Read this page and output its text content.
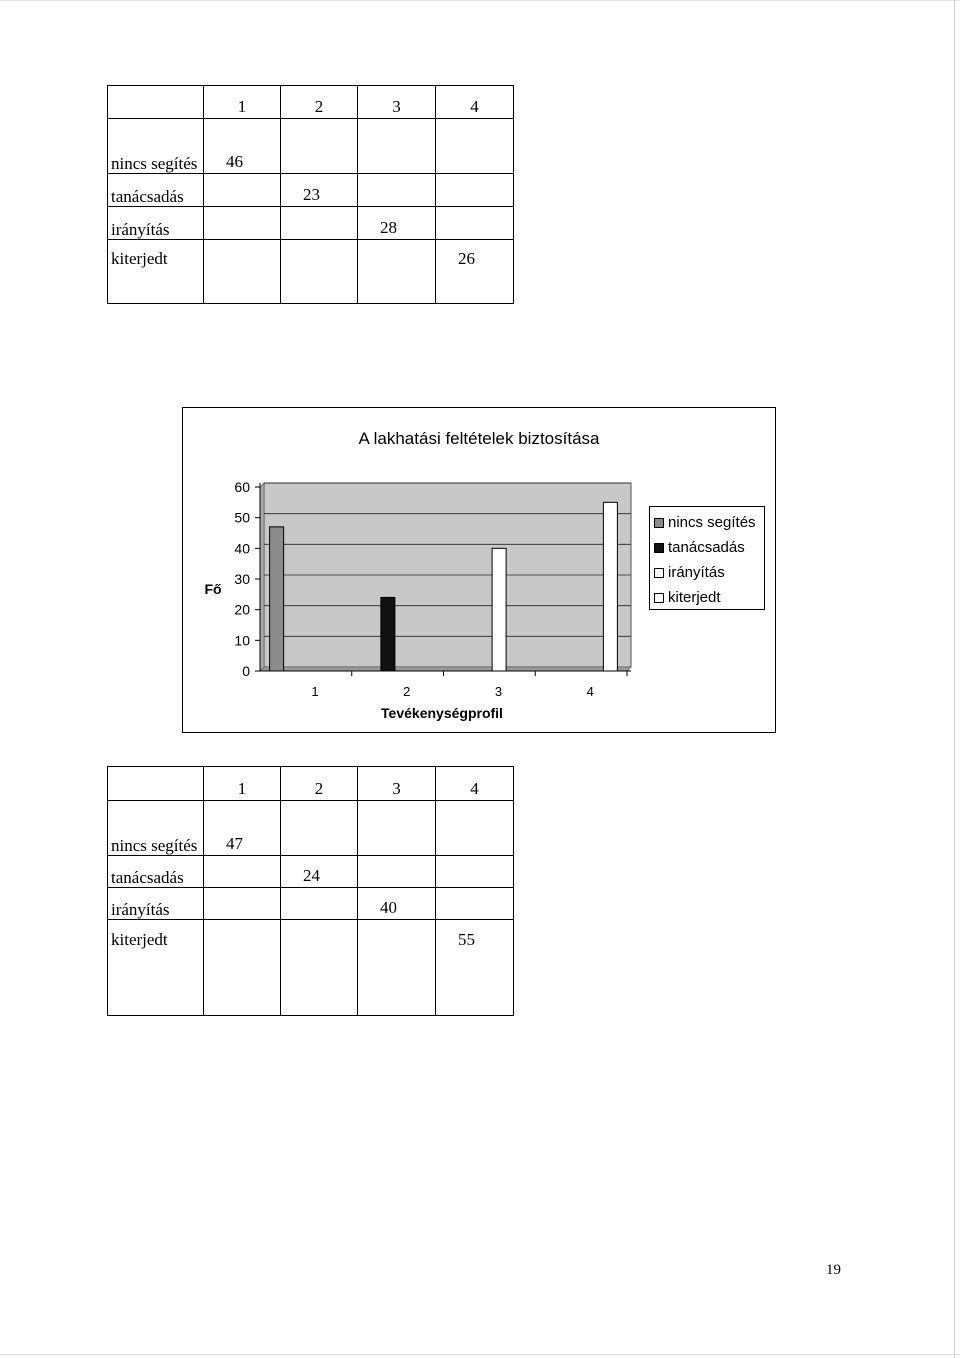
	1	2	3	4
nincs segítés	46			
tanácsadás		23		
irányítás			28	
kiterjedt				26
A lakhatási feltételek biztosítása
Fő
Tevékenységprofil
0
10
20
30
40
50
60
1	2	3	4
nincs segítés
tanácsadás
irányítás
kiterjedt
	1	2	3	4
nincs segítés	47			
tanácsadás		24		
irányítás			40	
kiterjedt				55
19
